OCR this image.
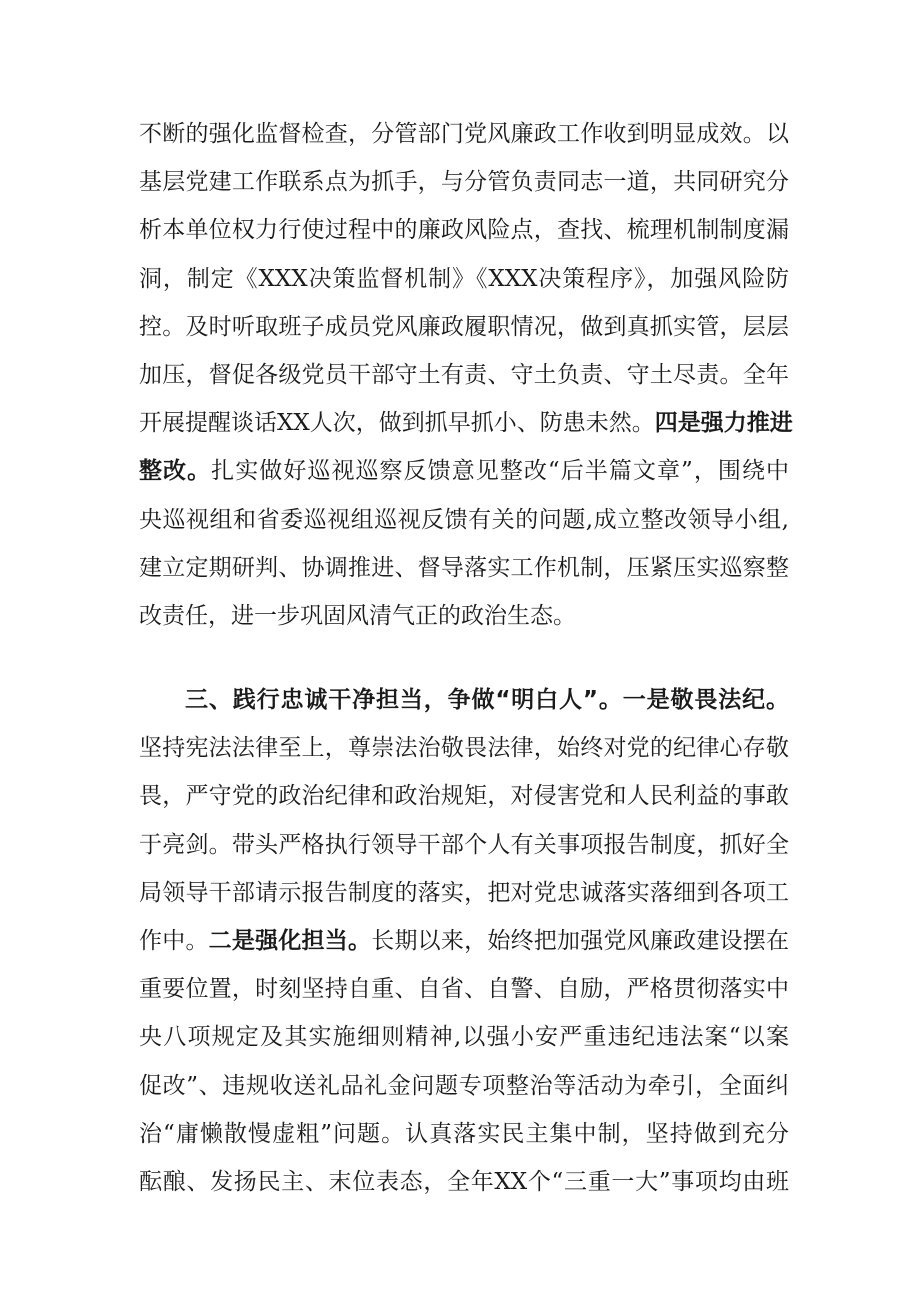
不断的强化监督检查，分管部门党风廉政工作收到明显成效。以
基层党建工作联系点为抓手，与分管负责同志一道，共同研究分
析本单位权力行使过程中的廉政风险点，查找、梳理机制制度漏
洞，制定《XXX决策监督机制》《XXX决策程序》，加强风险防
控。及时听取班子成员党风廉政履职情况，做到真抓实管，层层
加压，督促各级党员干部守土有责、守土负责、守土尽责。全年
开展提醒谈话XX人次，做到抓早抓小、防患未然。四是强力推进
整改。扎实做好巡视巡察反馈意见整改“后半篇文章”，围绕中
央巡视组和省委巡视组巡视反馈有关的问题,成立整改领导小组,
建立定期研判、协调推进、督导落实工作机制，压紧压实巡察整
改责任，进一步巩固风清气正的政治生态。
三、践行忠诚干净担当，争做“明白人”。一是敬畏法纪。
坚持宪法法律至上，尊崇法治敬畏法律，始终对党的纪律心存敬
畏，严守党的政治纪律和政治规矩，对侵害党和人民利益的事敢
于亮剑。带头严格执行领导干部个人有关事项报告制度，抓好全
局领导干部请示报告制度的落实，把对党忠诚落实落细到各项工
作中。二是强化担当。长期以来，始终把加强党风廉政建设摆在
重要位置，时刻坚持自重、自省、自警、自励，严格贯彻落实中
央八项规定及其实施细则精神,以强小安严重违纪违法案“以案
促改”、违规收送礼品礼金问题专项整治等活动为牵引，全面纠
治“庸懒散慢虚粗”问题。认真落实民主集中制，坚持做到充分
酝酿、发扬民主、末位表态，全年XX个“三重一大”事项均由班
